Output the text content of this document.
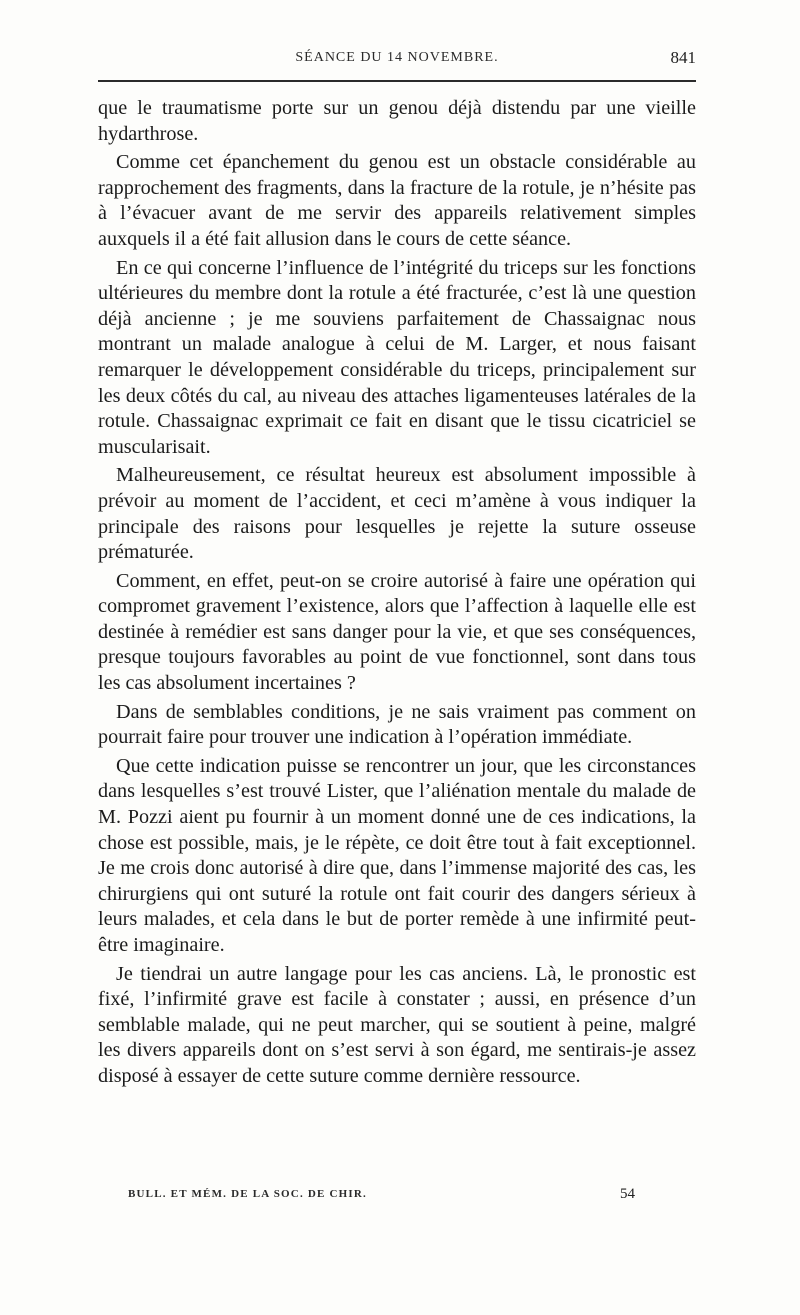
SÉANCE DU 14 NOVEMBRE.	841

que le traumatisme porte sur un genou déjà distendu par une vieille hydarthrose.

Comme cet épanchement du genou est un obstacle considérable au rapprochement des fragments, dans la fracture de la rotule, je n’hésite pas à l’évacuer avant de me servir des appareils relativement simples auxquels il a été fait allusion dans le cours de cette séance.

En ce qui concerne l’influence de l’intégrité du triceps sur les fonctions ultérieures du membre dont la rotule a été fracturée, c’est là une question déjà ancienne ; je me souviens parfaitement de Chassaignac nous montrant un malade analogue à celui de M. Larger, et nous faisant remarquer le développement considérable du triceps, principalement sur les deux côtés du cal, au niveau des attaches ligamenteuses latérales de la rotule. Chassaignac exprimait ce fait en disant que le tissu cicatriciel se muscularisait.

Malheureusement, ce résultat heureux est absolument impossible à prévoir au moment de l’accident, et ceci m’amène à vous indiquer la principale des raisons pour lesquelles je rejette la suture osseuse prématurée.

Comment, en effet, peut-on se croire autorisé à faire une opération qui compromet gravement l’existence, alors que l’affection à laquelle elle est destinée à remédier est sans danger pour la vie, et que ses conséquences, presque toujours favorables au point de vue fonctionnel, sont dans tous les cas absolument incertaines ?

Dans de semblables conditions, je ne sais vraiment pas comment on pourrait faire pour trouver une indication à l’opération immédiate.

Que cette indication puisse se rencontrer un jour, que les circonstances dans lesquelles s’est trouvé Lister, que l’aliénation mentale du malade de M. Pozzi aient pu fournir à un moment donné une de ces indications, la chose est possible, mais, je le répète, ce doit être tout à fait exceptionnel. Je me crois donc autorisé à dire que, dans l’immense majorité des cas, les chirurgiens qui ont suturé la rotule ont fait courir des dangers sérieux à leurs malades, et cela dans le but de porter remède à une infirmité peut-être imaginaire.

Je tiendrai un autre langage pour les cas anciens. Là, le pronostic est fixé, l’infirmité grave est facile à constater ; aussi, en présence d’un semblable malade, qui ne peut marcher, qui se soutient à peine, malgré les divers appareils dont on s’est servi à son égard, me sentirais-je assez disposé à essayer de cette suture comme dernière ressource.

BULL. ET MÉM. DE LA SOC. DE CHIR.	54
